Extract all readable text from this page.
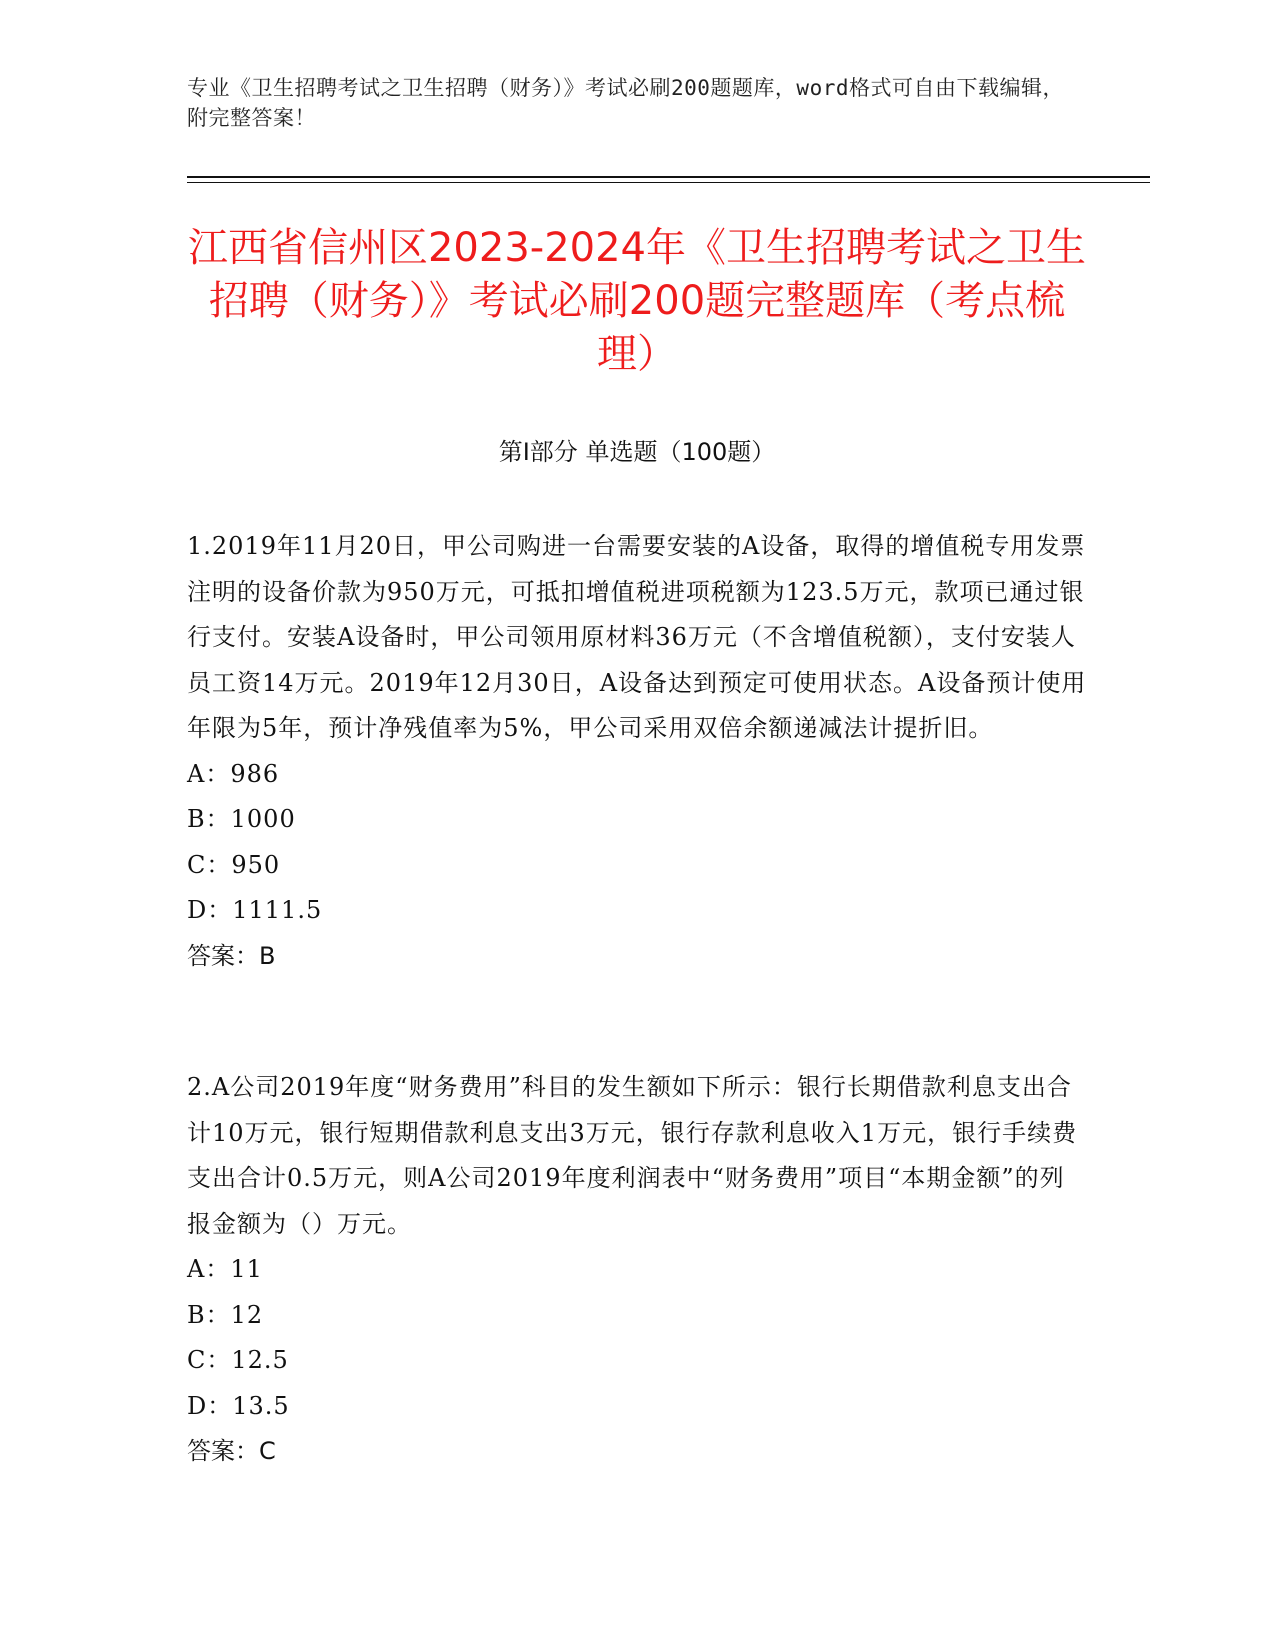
专业《卫生招聘考试之卫生招聘（财务）》考试必刷200题题库，word格式可自由下载编辑，附完整答案！
江西省信州区2023-2024年《卫生招聘考试之卫生招聘（财务）》考试必刷200题完整题库（考点梳理）
第Ⅰ部分 单选题（100题）

1.2019年11月20日，甲公司购进一台需要安装的A设备，取得的增值税专用发票注明的设备价款为950万元，可抵扣增值税进项税额为123.5万元，款项已通过银行支付。安装A设备时，甲公司领用原材料36万元（不含增值税额），支付安装人员工资14万元。2019年12月30日，A设备达到预定可使用状态。A设备预计使用年限为5年，预计净残值率为5%，甲公司采用双倍余额递减法计提折旧。

A：986

B：1000

C：950

D：1111.5

答案：B

2.A公司2019年度“财务费用”科目的发生额如下所示：银行长期借款利息支出合计10万元，银行短期借款利息支出3万元，银行存款利息收入1万元，银行手续费支出合计0.5万元，则A公司2019年度利润表中“财务费用”项目“本期金额”的列报金额为（）万元。

A：11

B：12

C：12.5

D：13.5

答案：C
